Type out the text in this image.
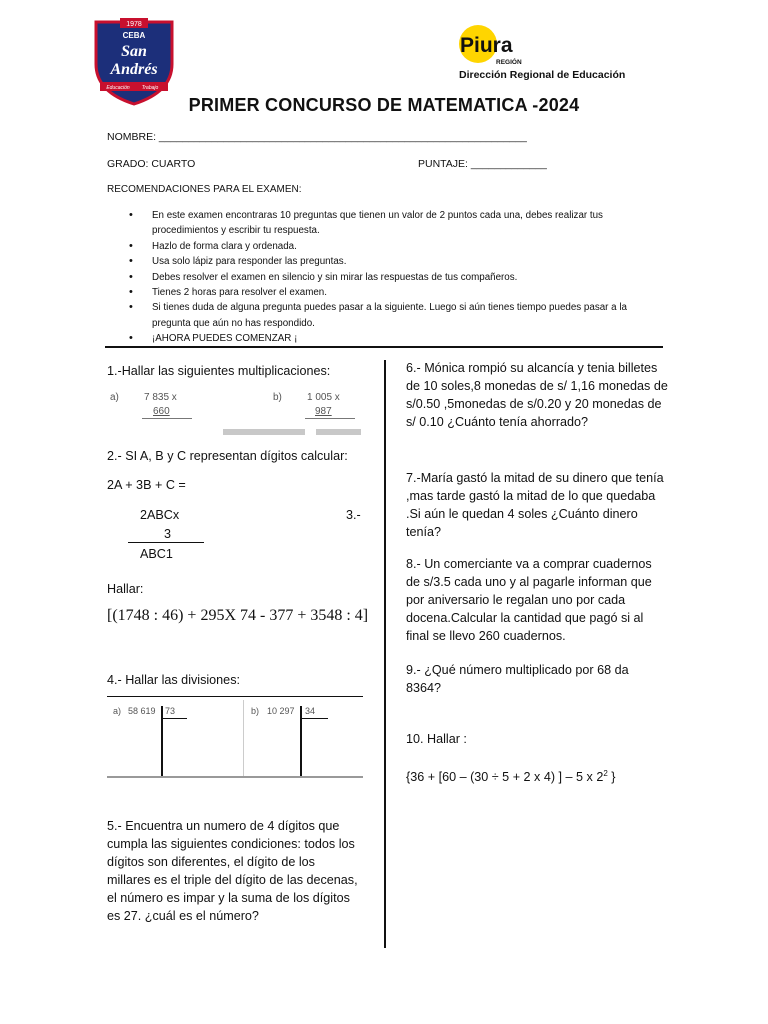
1978
CEBA
San
Andrés
Educación Trabajo
Piura
REGIÓN
Dirección Regional de Educación
PRIMER CONCURSO DE MATEMATICA -2024
NOMBRE: _______________________________________________________________
GRADO: CUARTO	PUNTAJE: _____________
RECOMENDACIONES PARA EL EXAMEN:
• En este examen encontraras 10 preguntas que tienen un valor de 2 puntos cada una, debes realizar tus procedimientos y escribir tu respuesta.
• Hazlo de forma clara y ordenada.
• Usa solo lápiz para responder las preguntas.
• Debes resolver el examen en silencio y sin mirar las respuestas de tus compañeros.
• Tienes 2 horas para resolver el examen.
• Si tienes duda de alguna pregunta puedes pasar a la siguiente. Luego si aún tienes tiempo puedes pasar a la pregunta que aún no has respondido.
• ¡AHORA PUEDES COMENZAR ¡
1.-Hallar las siguientes multiplicaciones:
a)	7 835 x
660
b)	1 005 x
987
2.- SI A, B y C representan dígitos calcular:
2A + 3B + C =
2ABCx	3.-
3
ABC1
Hallar:
[(1748 : 46) + 295X 74 - 377 + 3548 : 4]
4.- Hallar las divisiones:
a) 58 619 73	b) 10 297 34
5.- Encuentra un numero de 4 dígitos que cumpla las siguientes condiciones: todos los dígitos son diferentes, el dígito de los millares es el triple del dígito de las decenas, el número es impar y la suma de los dígitos es 27. ¿cuál es el número?
6.- Mónica rompió su alcancía y tenia billetes de 10 soles,8 monedas de s/ 1,16 monedas de s/0.50 ,5monedas de s/0.20 y 20 monedas de s/ 0.10 ¿Cuánto tenía ahorrado?
7.-María gastó la mitad de su dinero que tenía ,mas tarde gastó la mitad de lo que quedaba .Si aún le quedan 4 soles ¿Cuánto dinero tenía?
8.- Un comerciante va a comprar cuadernos de s/3.5 cada uno y al pagarle informan que por aniversario le regalan uno por cada docena.Calcular la cantidad que pagó si al final se llevo 260 cuadernos.
9.- ¿Qué número multiplicado por 68 da 8364?
10. Hallar :
{36 + [60 – (30 ÷ 5 + 2 x 4) ] – 5 x $2^2$ }
